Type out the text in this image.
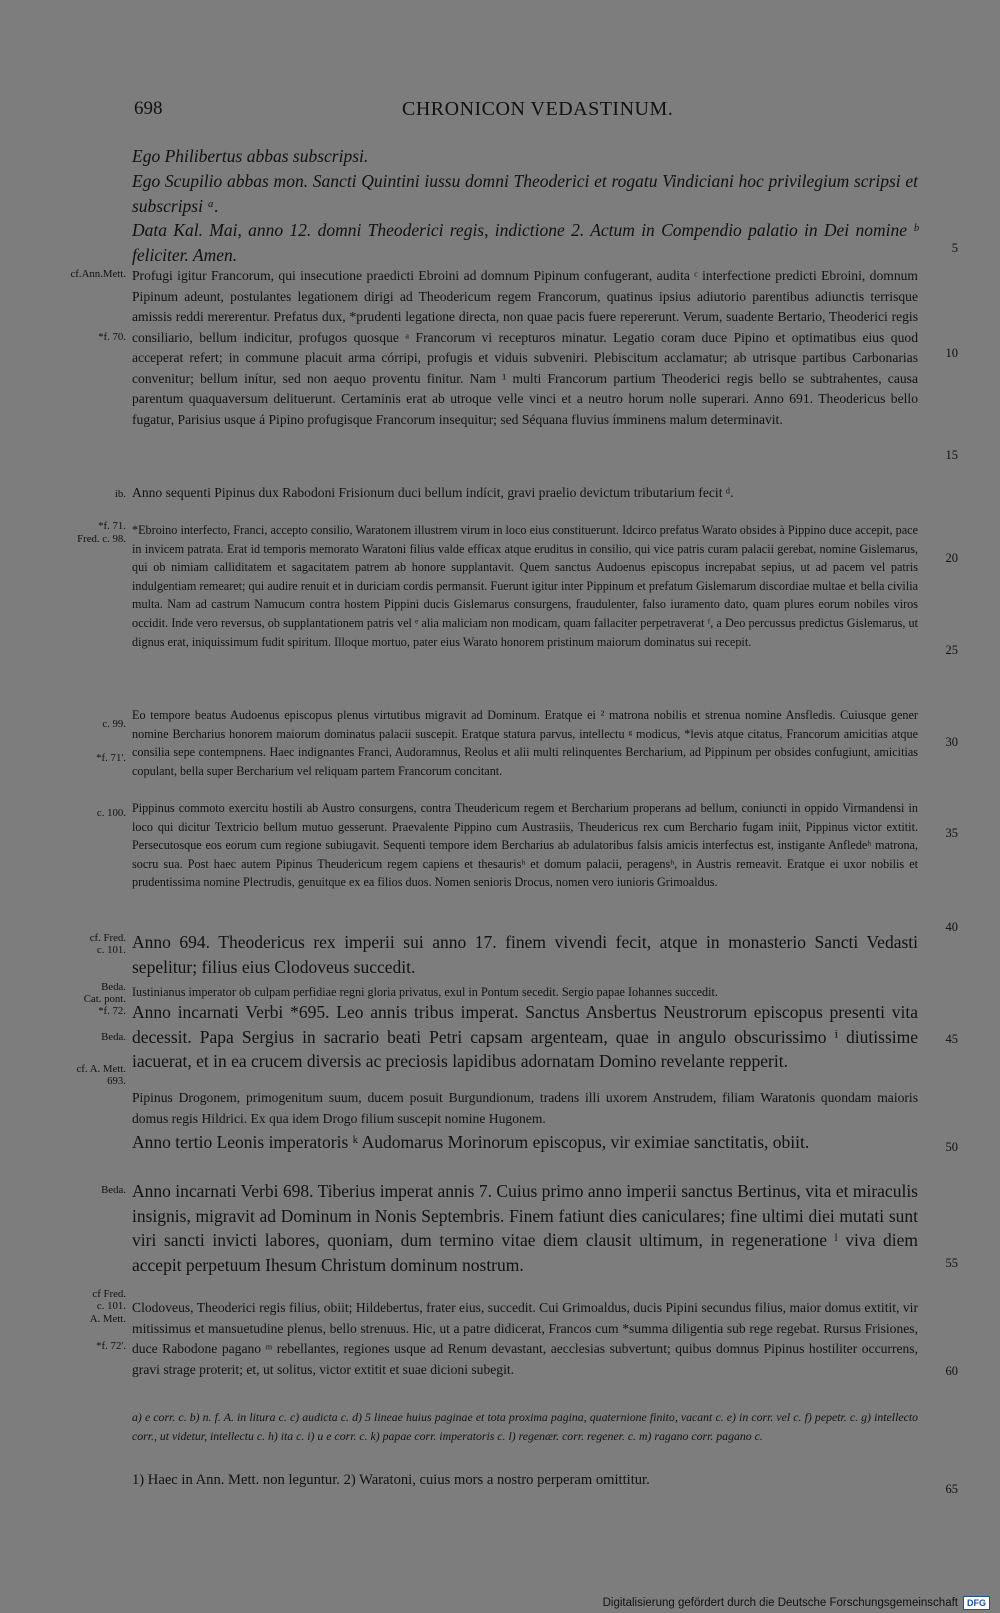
698	CHRONICON VEDASTINUM.
Ego Philibertus abbas subscripsi.
Ego Scupilio abbas mon. Sancti Quintini iussu domni Theoderici et rogatu Vindiciani hoc privilegium scripsi et subscripsi ᵃ.
Data Kal. Mai, anno 12. domni Theoderici regis, indictione 2. Actum in Compendio palatio in Dei nomine ᵇ feliciter. Amen.
Profugi igitur Francorum, qui insecutione praedicti Ebroini ad domnum Pipinum confugerant, audita ᶜ interfectione predicti Ebroini, domnum Pipinum adeunt, postulantes legationem dirigi ad Theodericum regem Francorum, quatinus ipsius adiutorio parentibus adiunctis terrisque amissis reddi mererentur. Prefatus dux, *prudenti legatione directa, non quae pacis fuere repererunt. Verum, suadente Bertario, Theoderici regis consiliario, bellum indicitur, profugos quosque ᵃ Francorum vi recepturos minatur. Legatio coram duce Pipino et optimatibus eius quod acceperat refert; in commune placuit arma córripi, profugis et viduis subveniri. Plebiscitum acclamatur; ab utrisque partibus Carbonarias convenitur; bellum inítur, sed non aequo proventu finitur. Nam ¹ multi Francorum partium Theoderici regis bello se subtrahentes, causa parentum quaquaversum delituerunt. Certaminis erat ab utroque velle vinci et a neutro horum nolle superari. Anno 691. Theodericus bello fugatur, Parisius usque á Pipino profugisque Francorum insequitur; sed Séquana fluvius ímminens malum determinavit.
Anno sequenti Pipinus dux Rabodoni Frisionum duci bellum indícit, gravi praelio devictum tributarium fecit ᵈ.
*Ebroino interfecto, Franci, accepto consilio, Waratonem illustrem virum in loco eius constituerunt. Idcirco prefatus Warato obsides à Pippino duce accepit, pace in invicem patrata. Erat id temporis memorato Waratoni filius valde efficax atque eruditus in consilio, qui vice patris curam palacii gerebat, nomine Gislemarus, qui ob nimiam calliditatem et sagacitatem patrem ab honore supplantavit. Quem sanctus Audoenus episcopus increpabat sepius, ut ad pacem vel patris indulgentiam remearet; qui audire renuit et in duriciam cordis permansit. Fuerunt igitur inter Pippinum et prefatum Gislemarum discordiae multae et bella civilia multa. Nam ad castrum Namucum contra hostem Pippini ducis Gislemarus consurgens, fraudulenter, falso iuramento dato, quam plures eorum nobiles viros occidit. Inde vero reversus, ob supplantationem patris vel ᵉ alia maliciam non modicam, quam fallaciter perpetraverat ᶠ, a Deo percussus predictus Gislemarus, ut dignus erat, iniquissimum fudit spiritum. Illoque mortuo, pater eius Warato honorem pristinum maiorum dominatus sui recepit.
Eo tempore beatus Audoenus episcopus plenus virtutibus migravit ad Dominum. Eratque ei ² matrona nobilis et strenua nomine Ansfledis. Cuiusque gener nomine Bercharius honorem maiorum dominatus palacii suscepit. Eratque statura parvus, intellectu ᵍ modicus, *levis atque citatus, Francorum amicitias atque consilia sepe contempnens. Haec indignantes Franci, Audoramnus, Reolus et alii multi relinquentes Bercharium, ad Pippinum per obsides confugiunt, amicitias copulant, bella super Bercharium vel reliquam partem Francorum concitant.
Pippinus commoto exercitu hostili ab Austro consurgens, contra Theudericum regem et Bercharium properans ad bellum, coniuncti in oppido Virmandensi in loco qui dicitur Textricio bellum mutuo gesserunt. Praevalente Pippino cum Austrasiis, Theudericus rex cum Berchario fugam iniit, Pippinus victor extitit. Persecutosque eos eorum cum regione subiugavit. Sequenti tempore idem Bercharius ab adulatoribus falsis amicis interfectus est, instigante Anfledeʰ matrona, socru sua. Post haec autem Pipinus Theudericum regem capiens et thesaurisʰ et domum palacii, peragensʰ, in Austris remeavit. Eratque ei uxor nobilis et prudentissima nomine Plectrudis, genuitque ex ea filios duos. Nomen senioris Drocus, nomen vero iunioris Grimoaldus.
Anno 694. Theodericus rex imperii sui anno 17. finem vivendi fecit, atque in monasterio Sancti Vedasti sepelitur; filius eius Clodoveus succedit.
Iustinianus imperator ob culpam perfidiae regni gloria privatus, exul in Pontum secedit. Sergio papae Iohannes succedit.
Anno incarnati Verbi *695. Leo annis tribus imperat. Sanctus Ansbertus Neustrorum episcopus presenti vita decessit. Papa Sergius in sacrario beati Petri capsam argenteam, quae in angulo obscurissimo ⁱ diutissime iacuerat, et in ea crucem diversis ac preciosis lapidibus adornatam Domino revelante repperit.
Pipinus Drogonem, primogenitum suum, ducem posuit Burgundionum, tradens illi uxorem Anstrudem, filiam Waratonis quondam maioris domus regis Hildrici. Ex qua idem Drogo filium suscepit nomine Hugonem.
Anno tertio Leonis imperatoris ᵏ Audomarus Morinorum episcopus, vir eximiae sanctitatis, obiit.
Anno incarnati Verbi 698. Tiberius imperat annis 7. Cuius primo anno imperii sanctus Bertinus, vita et miraculis insignis, migravit ad Dominum in Nonis Septembris. Finem fatiunt dies caniculares; fine ultimi diei mutati sunt viri sancti invicti labores, quoniam, dum termino vitae diem clausit ultimum, in regeneratione ˡ viva diem accepit perpetuum Ihesum Christum dominum nostrum.
Clodoveus, Theoderici regis filius, obiit; Hildebertus, frater eius, succedit. Cui Grimoaldus, ducis Pipini secundus filius, maior domus extitit, vir mitissimus et mansuetudine plenus, bello strenuus. Hic, ut a patre didicerat, Francos cum *summa diligentia sub rege regebat. Rursus Frisiones, duce Rabodone pagano ᵐ rebellantes, regiones usque ad Renum devastant, aecclesias subvertunt; quibus domnus Pipinus hostiliter occurrens, gravi strage proterit; et, ut solitus, victor extitit et suae dicioni subegit.
a) e corr. c. b) n. f. A. in litura c. c) audicta c. d) 5 lineae huius paginae et tota proxima pagina, quaternione finito, vacant c. e) in corr. vel c. f) pepetr. c. g) intellecto corr., ut videtur, intellectu c. h) ita c. i) u e corr. c. k) papae corr. imperatoris c. l) regenær. corr. regener. c. m) ragano corr. pagano c.
1) Haec in Ann. Mett. non leguntur. 2) Waratoni, cuius mors a nostro perperam omittitur.
cf.Ann.Mett.
*f. 70.
ib.
*f. 71.
Fred. c. 98.
c. 99.
*f. 71'.
c. 100.
cf. Fred.
c. 101.
Beda.
Cat. pont.
*f. 72.
Beda.
cf. A. Mett.
693.
Beda.
cf Fred.
c. 101.
A. Mett.
*f. 72'.
5
10
15
20
25
30
35
40
45
50
55
60
65
Digitalisierung gefördert durch die Deutsche Forschungsgemeinschaft	DFG
